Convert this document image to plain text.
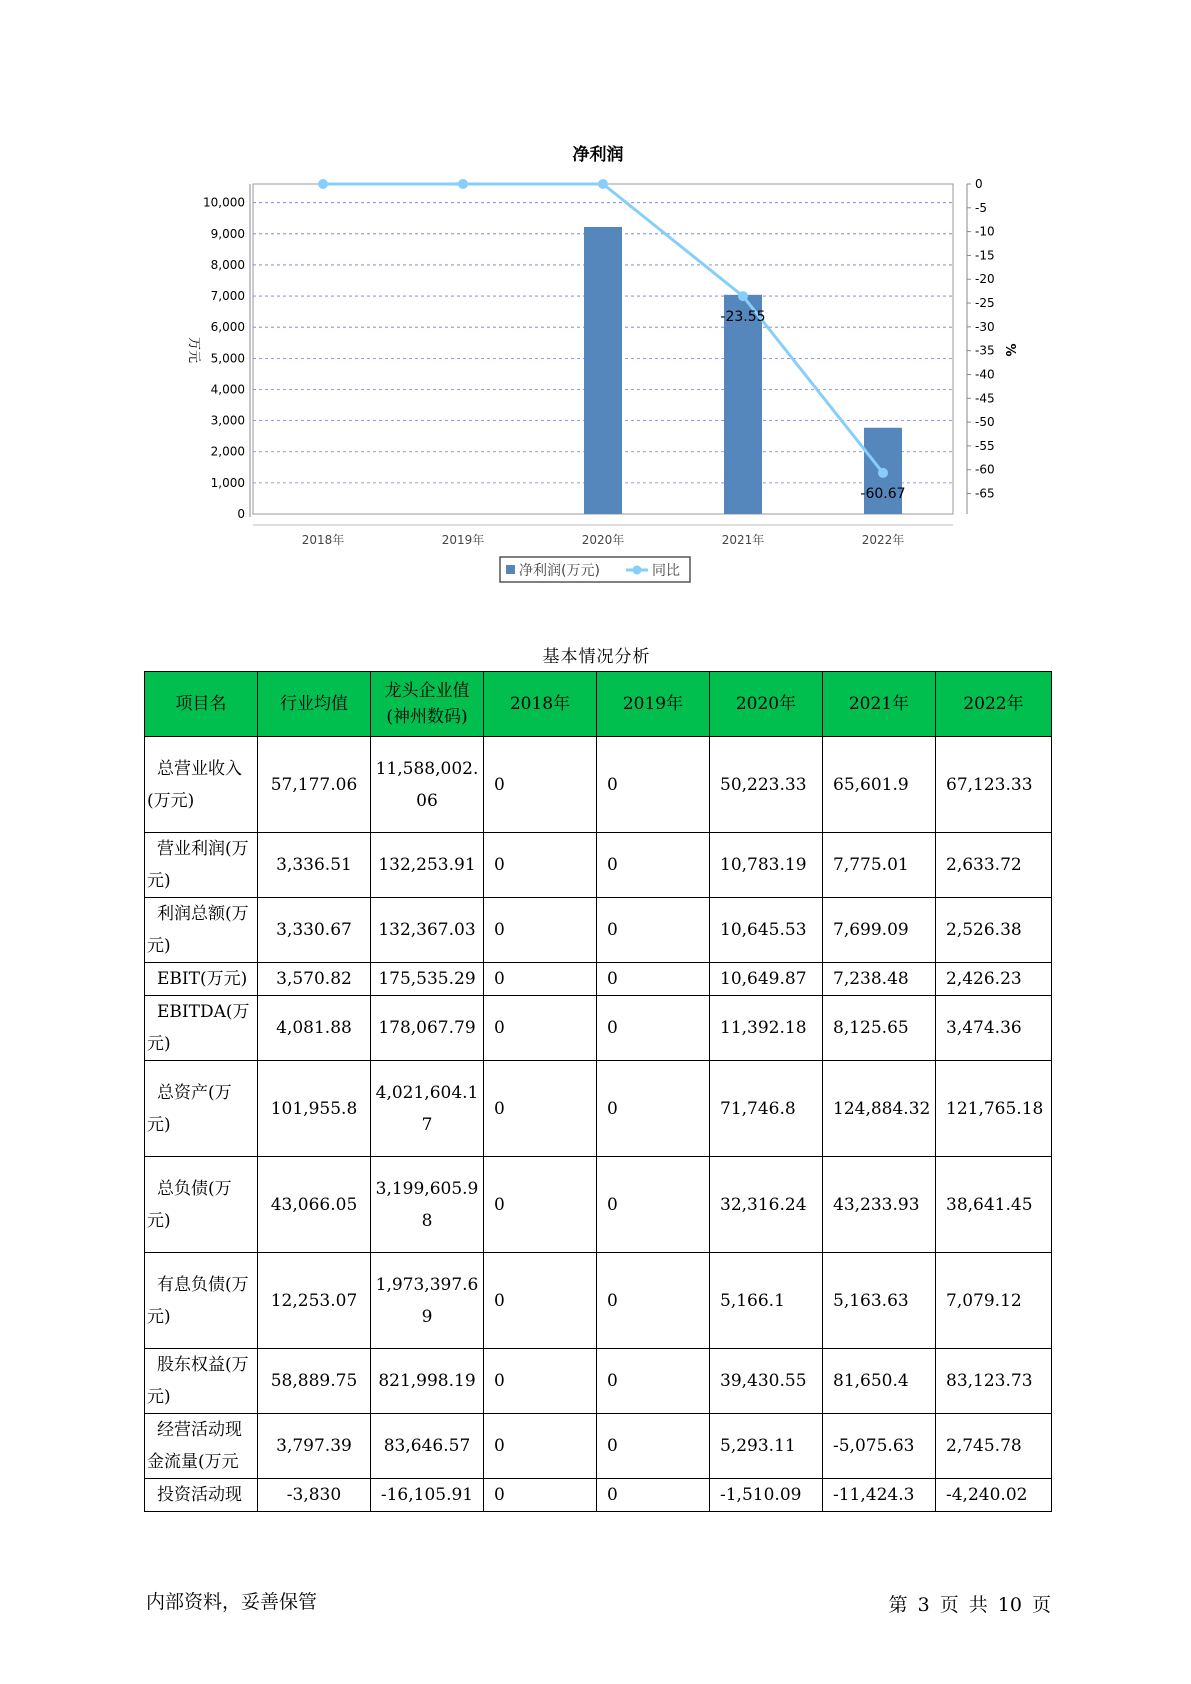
净利润
0
1,000
2,000
3,000
4,000
5,000
6,000
7,000
8,000
9,000
10,000
0
-5
-10
-15
-20
-25
-30
-35
-40
-45
-50
-55
-60
-65
2018年	2019年	2020年	2021年	2022年
-23.55
-60.67
万元	%
净利润(万元)	同比
基本情况分析
项目名	行业均值	龙头企业值(神州数码)	2018年	2019年	2020年	2021年	2022年
总营业收入(万元)	57,177.06	11,588,002.06	0	0	50,223.33	65,601.9	67,123.33
营业利润(万元)	3,336.51	132,253.91	0	0	10,783.19	7,775.01	2,633.72
利润总额(万元)	3,330.67	132,367.03	0	0	10,645.53	7,699.09	2,526.38
EBIT(万元)	3,570.82	175,535.29	0	0	10,649.87	7,238.48	2,426.23
EBITDA(万元)	4,081.88	178,067.79	0	0	11,392.18	8,125.65	3,474.36
总资产(万元)	101,955.8	4,021,604.17	0	0	71,746.8	124,884.32	121,765.18
总负债(万元)	43,066.05	3,199,605.98	0	0	32,316.24	43,233.93	38,641.45
有息负债(万元)	12,253.07	1,973,397.69	0	0	5,166.1	5,163.63	7,079.12
股东权益(万元)	58,889.75	821,998.19	0	0	39,430.55	81,650.4	83,123.73
经营活动现金流量(万元	3,797.39	83,646.57	0	0	5,293.11	-5,075.63	2,745.78
投资活动现	-3,830	-16,105.91	0	0	-1,510.09	-11,424.3	-4,240.02
内部资料，妥善保管	第 3 页 共 10 页
